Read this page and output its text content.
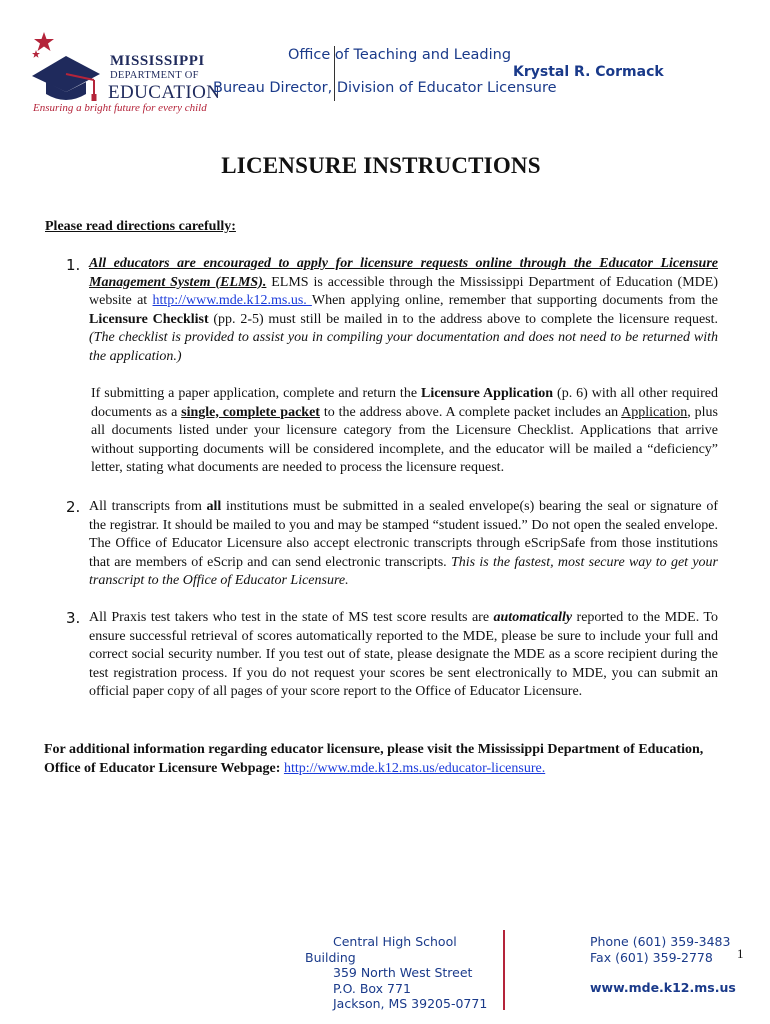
MISSISSIPPI
DEPARTMENT OF
EDUCATION
Ensuring a bright future for every child
Office of Teaching and Leading
Krystal R. Cormack
Bureau Director, Division of Educator Licensure
LICENSURE INSTRUCTIONS
Please read directions carefully:
1. All educators are encouraged to apply for licensure requests online through the Educator Licensure Management System (ELMS). ELMS is accessible through the Mississippi Department of Education (MDE) website at http://www.mde.k12.ms.us. When applying online, remember that supporting documents from the Licensure Checklist (pp. 2-5) must still be mailed in to the address above to complete the licensure request. (The checklist is provided to assist you in compiling your documentation and does not need to be returned with the application.)
If submitting a paper application, complete and return the Licensure Application (p. 6) with all other required documents as a single, complete packet to the address above. A complete packet includes an Application, plus all documents listed under your licensure category from the Licensure Checklist. Applications that arrive without supporting documents will be considered incomplete, and the educator will be mailed a “deficiency” letter, stating what documents are needed to process the licensure request.
2. All transcripts from all institutions must be submitted in a sealed envelope(s) bearing the seal or signature of the registrar. It should be mailed to you and may be stamped “student issued.” Do not open the sealed envelope. The Office of Educator Licensure also accept electronic transcripts through eScripSafe from those institutions that are members of eScrip and can send electronic transcripts. This is the fastest, most secure way to get your transcript to the Office of Educator Licensure.
3. All Praxis test takers who test in the state of MS test score results are automatically reported to the MDE. To ensure successful retrieval of scores automatically reported to the MDE, please be sure to include your full and correct social security number. If you test out of state, please designate the MDE as a score recipient during the test registration process. If you do not request your scores be sent electronically to MDE, you can submit an official paper copy of all pages of your score report to the Office of Educator Licensure.
For additional information regarding educator licensure, please visit the Mississippi Department of Education, Office of Educator Licensure Webpage: http://www.mde.k12.ms.us/educator-licensure.
Central High School
Building
359 North West Street
P.O. Box 771
Jackson, MS 39205-0771
Phone (601) 359-3483
Fax (601) 359-2778
www.mde.k12.ms.us
1
